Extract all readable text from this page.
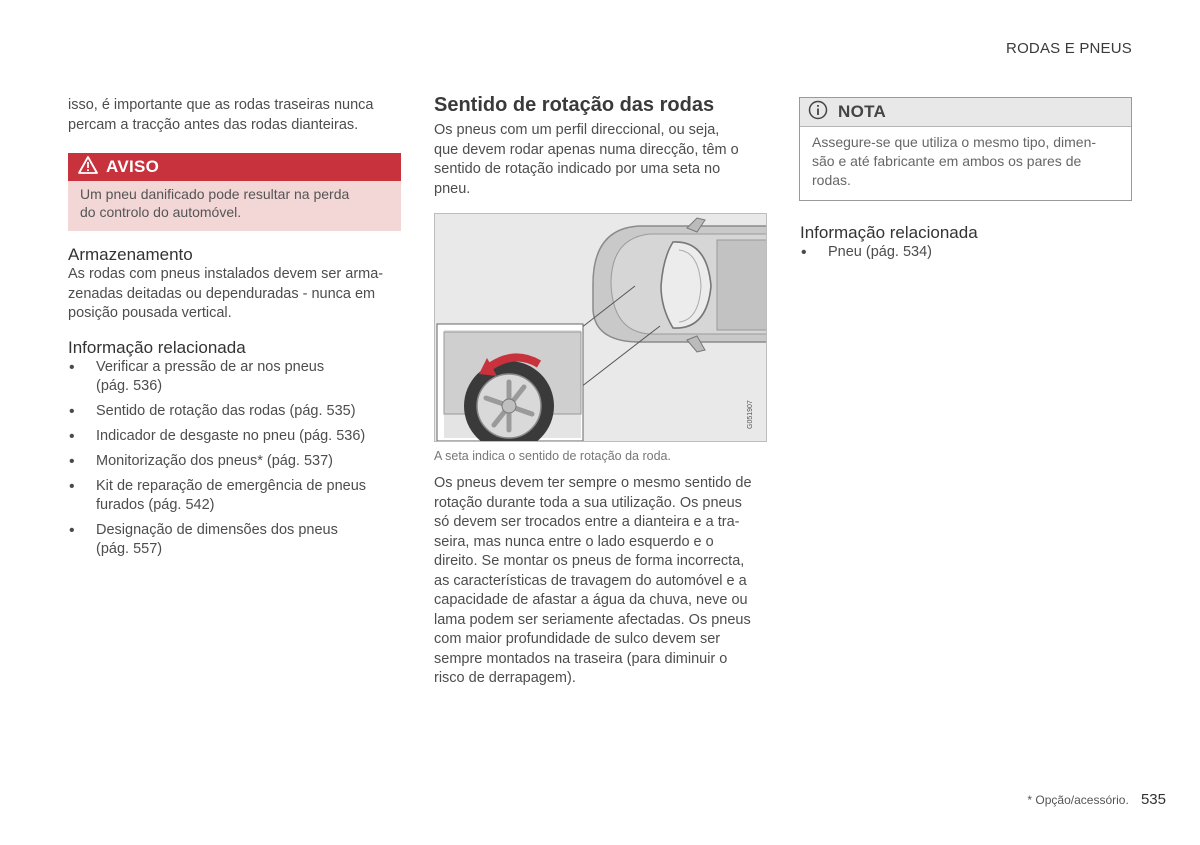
RODAS E PNEUS
isso, é importante que as rodas traseiras nunca
percam a tracção antes das rodas dianteiras.
AVISO
Um pneu danificado pode resultar na perda
do controlo do automóvel.
Armazenamento
As rodas com pneus instalados devem ser arma-
zenadas deitadas ou dependuradas - nunca em
posição pousada vertical.
Informação relacionada
• Verificar a pressão de ar nos pneus
(pág. 536)
• Sentido de rotação das rodas (pág. 535)
• Indicador de desgaste no pneu (pág. 536)
• Monitorização dos pneus* (pág. 537)
• Kit de reparação de emergência de pneus
furados (pág. 542)
• Designação de dimensões dos pneus
(pág. 557)
Sentido de rotação das rodas
Os pneus com um perfil direccional, ou seja,
que devem rodar apenas numa direcção, têm o
sentido de rotação indicado por uma seta no
pneu.
G051907
A seta indica o sentido de rotação da roda.
Os pneus devem ter sempre o mesmo sentido de
rotação durante toda a sua utilização. Os pneus
só devem ser trocados entre a dianteira e a tra-
seira, mas nunca entre o lado esquerdo e o
direito. Se montar os pneus de forma incorrecta,
as características de travagem do automóvel e a
capacidade de afastar a água da chuva, neve ou
lama podem ser seriamente afectadas. Os pneus
com maior profundidade de sulco devem ser
sempre montados na traseira (para diminuir o
risco de derrapagem).
NOTA
Assegure-se que utiliza o mesmo tipo, dimen-
são e até fabricante em ambos os pares de
rodas.
Informação relacionada
• Pneu (pág. 534)
* Opção/acessório. 535
